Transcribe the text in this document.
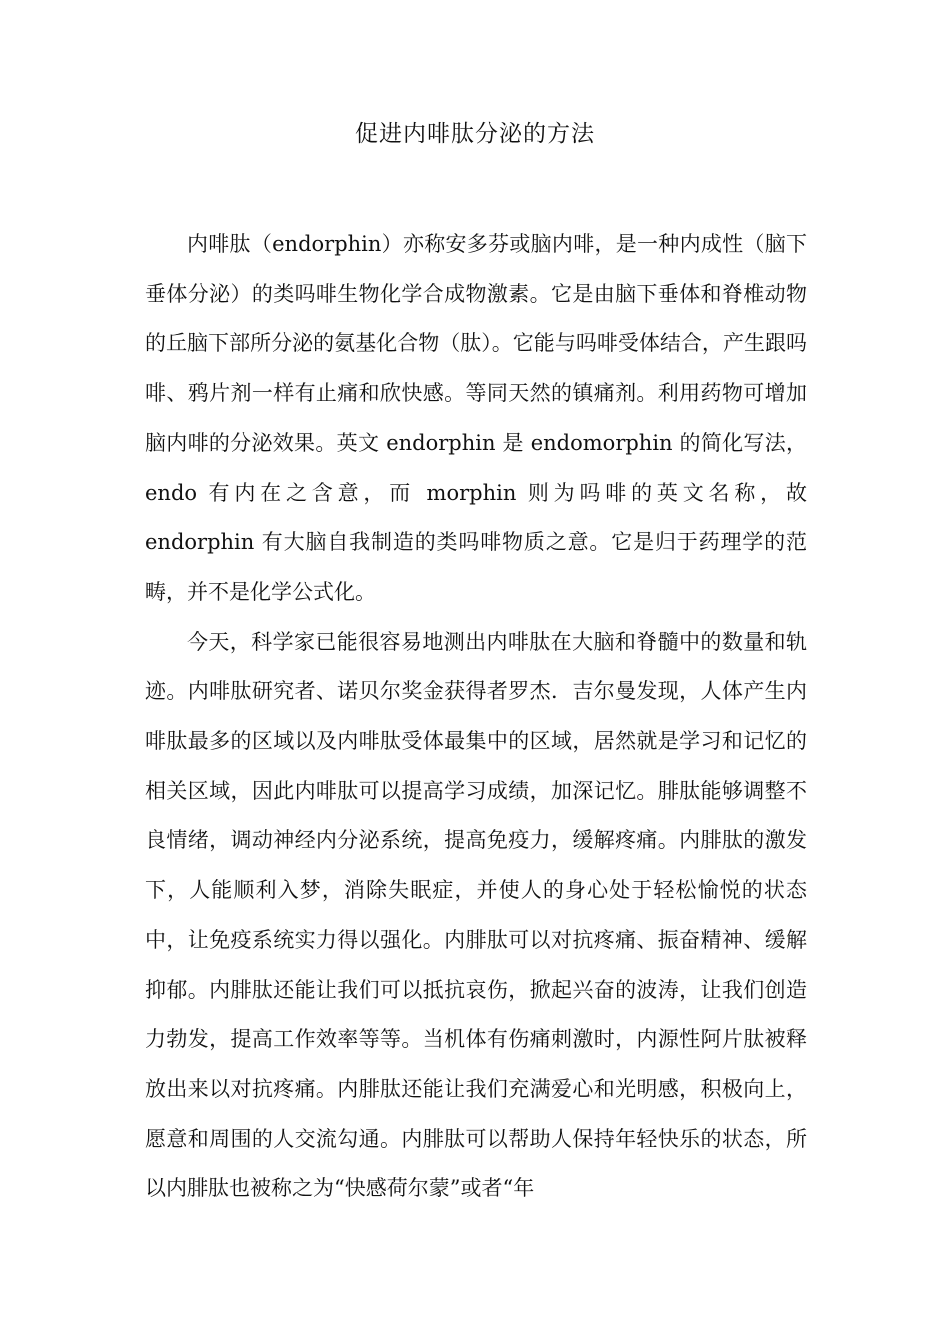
促进内啡肽分泌的方法

内啡肽（endorphin）亦称安多芬或脑内啡，是一种内成性（脑下垂体分泌）的类吗啡生物化学合成物激素。它是由脑下垂体和脊椎动物的丘脑下部所分泌的氨基化合物（肽）。它能与吗啡受体结合，产生跟吗啡、鸦片剂一样有止痛和欣快感。等同天然的镇痛剂。利用药物可增加脑内啡的分泌效果。英文 endorphin 是 endomorphin 的简化写法，endo 有内在之含意，而 morphin 则为吗啡的英文名称，故 endorphin 有大脑自我制造的类吗啡物质之意。它是归于药理学的范畴，并不是化学公式化。

今天，科学家已能很容易地测出内啡肽在大脑和脊髓中的数量和轨迹。内啡肽研究者、诺贝尔奖金获得者罗杰．吉尔曼发现，人体产生内啡肽最多的区域以及内啡肽受体最集中的区域，居然就是学习和记忆的相关区域，因此内啡肽可以提高学习成绩，加深记忆。腓肽能够调整不良情绪，调动神经内分泌系统，提高免疫力，缓解疼痛。内腓肽的激发下，人能顺利入梦，消除失眠症，并使人的身心处于轻松愉悦的状态中，让免疫系统实力得以强化。内腓肽可以对抗疼痛、振奋精神、缓解抑郁。内腓肽还能让我们可以抵抗哀伤，掀起兴奋的波涛，让我们创造力勃发，提高工作效率等等。当机体有伤痛刺激时，内源性阿片肽被释放出来以对抗疼痛。内腓肽还能让我们充满爱心和光明感，积极向上，愿意和周围的人交流勾通。内腓肽可以帮助人保持年轻快乐的状态，所以内腓肽也被称之为“快感荷尔蒙”或者“年
